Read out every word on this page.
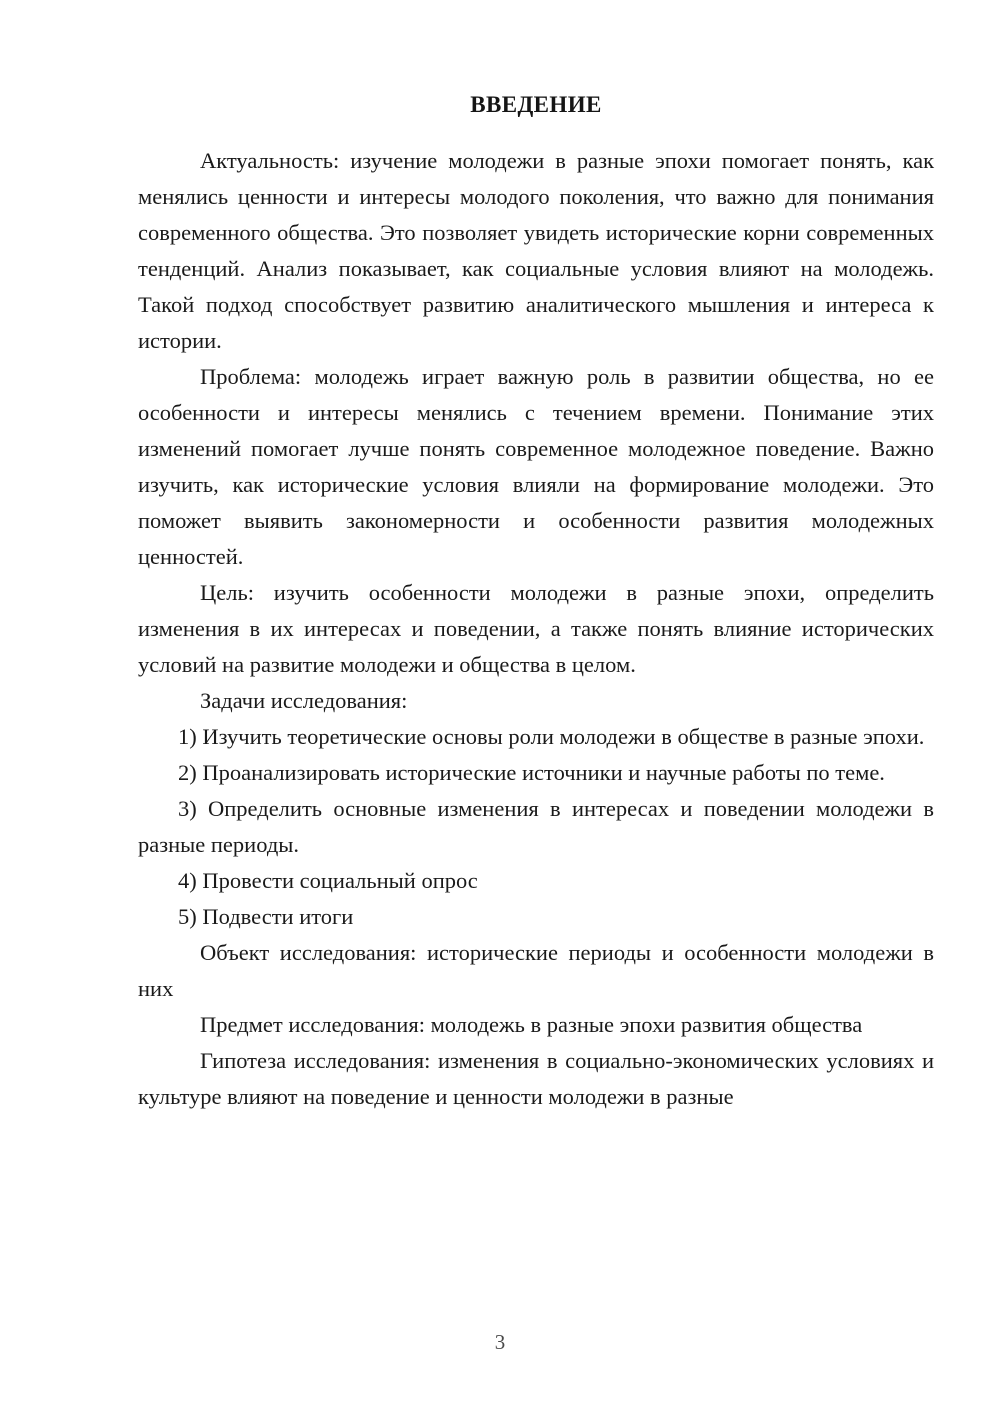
ВВЕДЕНИЕ

Актуальность: изучение молодежи в разные эпохи помогает понять, как менялись ценности и интересы молодого поколения, что важно для понимания современного общества. Это позволяет увидеть исторические корни современных тенденций. Анализ показывает, как социальные условия влияют на молодежь. Такой подход способствует развитию аналитического мышления и интереса к истории.

Проблема: молодежь играет важную роль в развитии общества, но ее особенности и интересы менялись с течением времени. Понимание этих изменений помогает лучше понять современное молодежное поведение. Важно изучить, как исторические условия влияли на формирование молодежи. Это поможет выявить закономерности и особенности развития молодежных ценностей.

Цель: изучить особенности молодежи в разные эпохи, определить изменения в их интересах и поведении, а также понять влияние исторических условий на развитие молодежи и общества в целом.

Задачи исследования:

1) Изучить теоретические основы роли молодежи в обществе в разные эпохи.

2) Проанализировать исторические источники и научные работы по теме.

3) Определить основные изменения в интересах и поведении молодежи в разные периоды.

4) Провести социальный опрос

5) Подвести итоги

Объект исследования: исторические периоды и особенности молодежи в них

Предмет исследования: молодежь в разные эпохи развития общества

Гипотеза исследования: изменения в социально-экономических условиях и культуре влияют на поведение и ценности молодежи в разные

3
